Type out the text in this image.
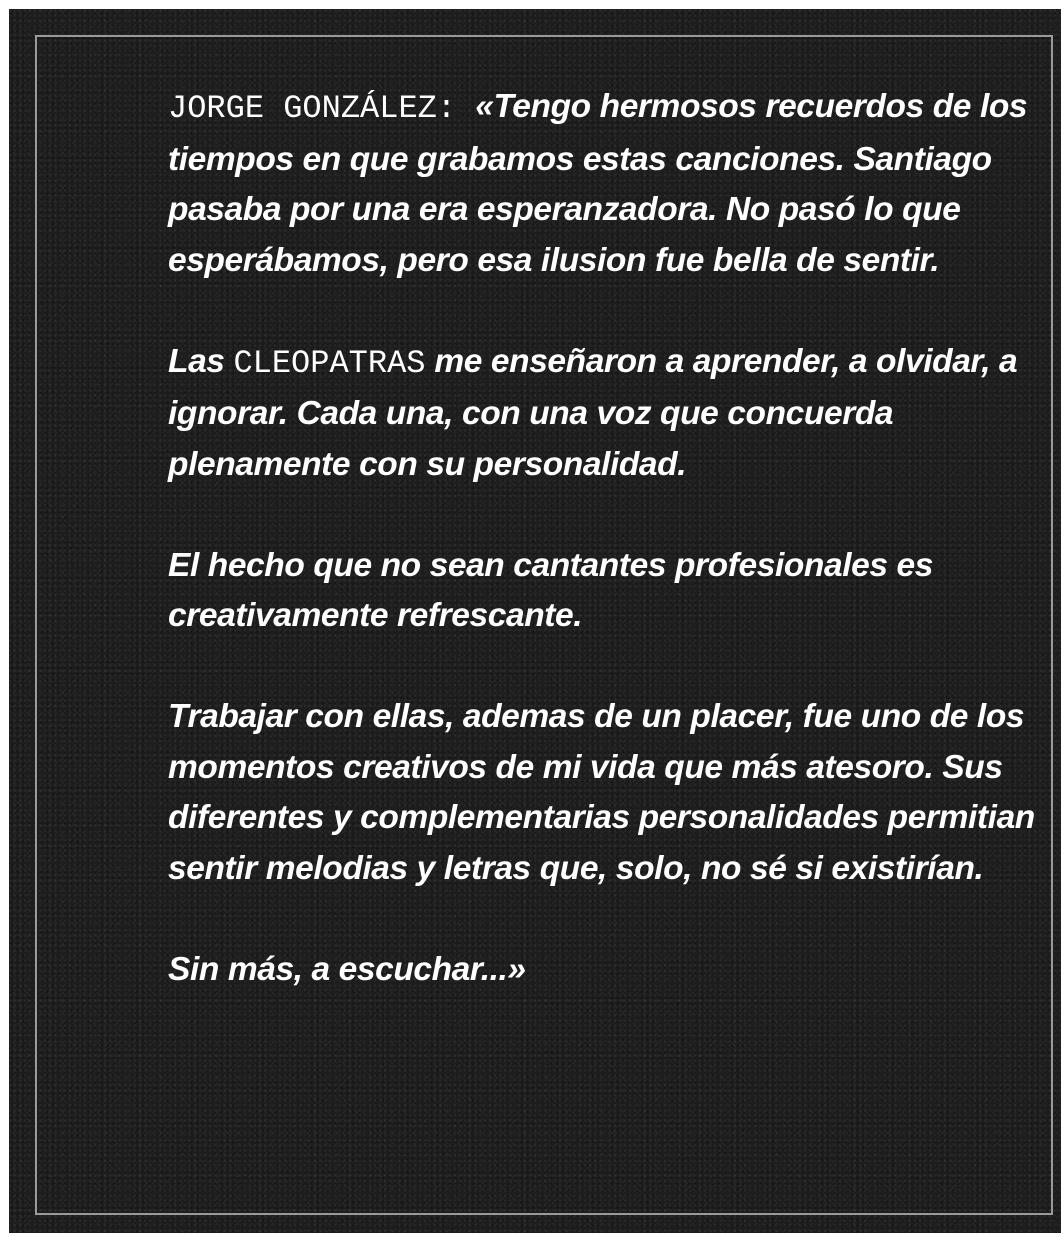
JORGE GONZÁLEZ: «Tengo hermosos recuerdos de los tiempos en que grabamos estas canciones. Santiago pasaba por una era esperanzadora. No pasó lo que esperábamos, pero esa ilusion fue bella de sentir.

Las CLEOPATRAS me enseñaron a aprender, a olvidar, a ignorar. Cada una, con una voz que concuerda plenamente con su personalidad.

El hecho que no sean cantantes profesionales es creativamente refrescante.

Trabajar con ellas, ademas de un placer, fue uno de los momentos creativos de mi vida que más atesoro. Sus diferentes y complementarias personalidades permitian sentir melodias y letras que, solo, no sé si existirían.

Sin más, a escuchar...»
